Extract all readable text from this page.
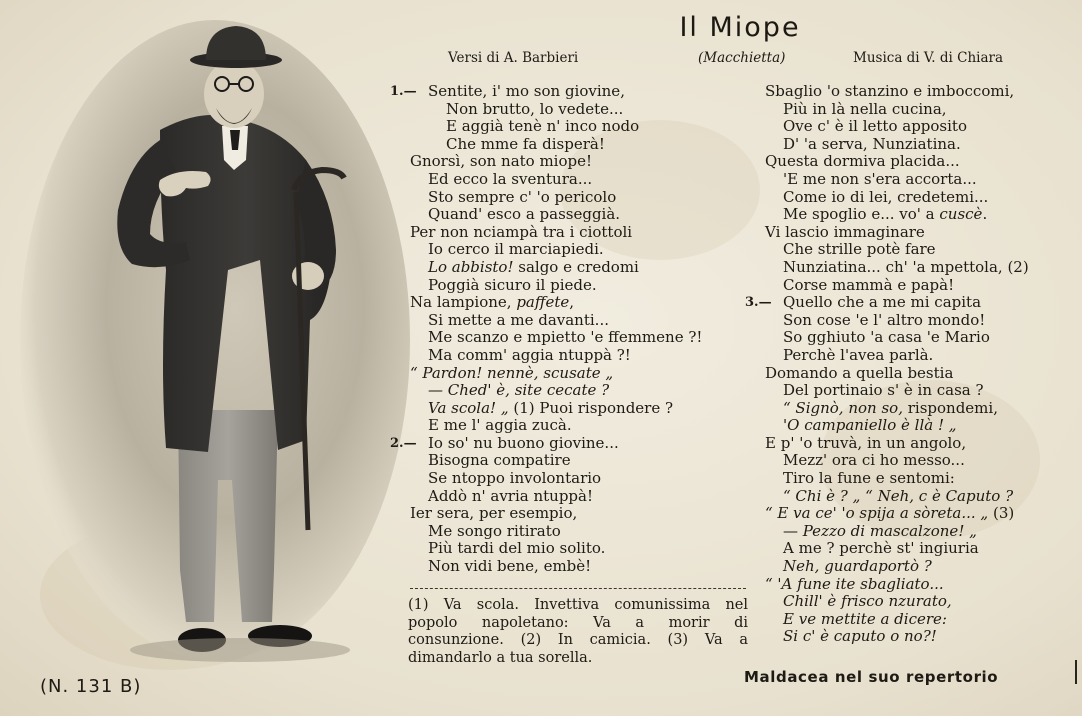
Il Miope
Versi di A. Barbieri	(Macchietta)	Musica di V. di Chiara
1.— Sentite, i' mo son giovine,
Non brutto, lo vedete...
E aggià tenè n' inco nodo
Che mme fa disperà!
Gnorsì, son nato miope!
Ed ecco la sventura...
Sto sempre c' 'o pericolo
Quand' esco a passeggià.
Per non nciampà tra i ciottoli
Io cerco il marciapiedi.
Lo abbisto! salgo e credomi
Poggià sicuro il piede.
Na lampione, paffete,
Si mette a me davanti...
Me scanzo e mpietto 'e ffemmene ?!
Ma comm' aggia ntuppà ?!
“ Pardon! nennè, scusate „
— Ched' è, site cecate ?
Va scola! „ (1) Puoi rispondere ?
E me l' aggia zucà.
2.— Io so' nu buono giovine...
Bisogna compatire
Se ntoppo involontario
Addò n' avria ntuppà!
Ier sera, per esempio,
Me songo ritirato
Più tardi del mio solito.
Non vidi bene, embè!
Sbaglio 'o stanzino e imboccomi,
Più in là nella cucina,
Ove c' è il letto apposito
D' 'a serva, Nunziatina.
Questa dormiva placida...
'E me non s'era accorta...
Come io di lei, credetemi...
Me spoglio e... vo' a cuscè.
Vi lascio immaginare
Che strille potè fare
Nunziatina... ch' 'a mpettola, (2)
Corse mammà e papà!
3.— Quello che a me mi capita
Son cose 'e l' altro mondo!
So gghiuto 'a casa 'e Mario
Perchè l'avea parlà.
Domando a quella bestia
Del portinaio s' è in casa ?
“ Signò, non so, rispondemi,
'O campaniello è llà ! „
E p' 'o truvà, in un angolo,
Mezz' ora ci ho messo...
Tiro la fune e sentomi:
“ Chi è ? „ “ Neh, c è Caputo ?
“ E va ce' 'o spija a sòreta... „ (3)
— Pezzo di mascalzone! „
A me ? perchè st' ingiuria
Neh, guardaportò ?
“ 'A fune ite sbagliato...
Chill' è frisco nzurato,
E ve mettite a dicere:
Si c' è caputo o no?!
(1) Va scola. Invettiva comunissima nel popolo napoletano: Va a morir di consunzione. (2) In camicia. (3) Va a dimandarlo a tua sorella.
(N. 131 B)	Maldacea nel suo repertorio
